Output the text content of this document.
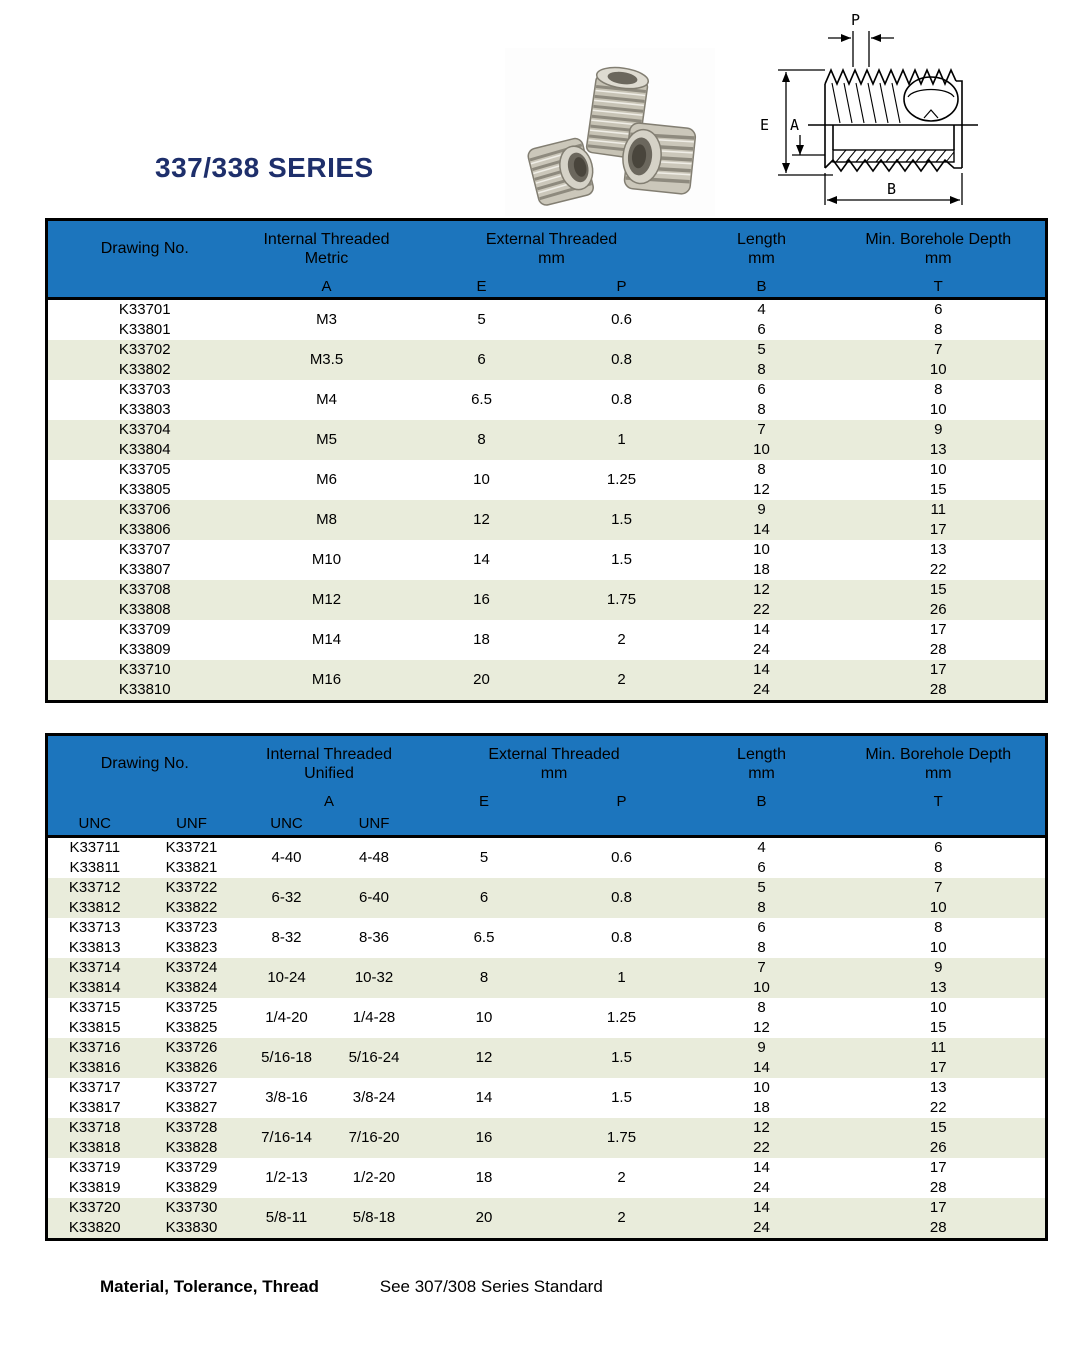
337/338 SERIES
P
E A
B
Drawing No.

Internal Threaded
Metric

External Threaded
mm

Length
mm

Min. Borehole Depth
mm

	A	E	P	B	T
K33701	M3	5	0.6	4	6
K33801				6	8
K33702	M3.5	6	0.8	5	7
K33802				8	10
K33703	M4	6.5	0.8	6	8
K33803				8	10
K33704	M5	8	1	7	9
K33804				10	13
K33705	M6	10	1.25	8	10
K33805				12	15
K33706	M8	12	1.5	9	11
K33806				14	17
K33707	M10	14	1.5	10	13
K33807				18	22
K33708	M12	16	1.75	12	15
K33808				22	26
K33709	M14	18	2	14	17
K33809				24	28
K33710	M16	20	2	14	17
K33810				24	28
Drawing No.

Internal Threaded
Unified

External Threaded
mm

Length
mm

Min. Borehole Depth
mm

		A		E	P	B	T
UNC	UNF	UNC	UNF				
K33711	K33721	4-40	4-48	5	0.6	4	6
K33811	K33821					6	8
K33712	K33722	6-32	6-40	6	0.8	5	7
K33812	K33822					8	10
K33713	K33723	8-32	8-36	6.5	0.8	6	8
K33813	K33823					8	10
K33714	K33724	10-24	10-32	8	1	7	9
K33814	K33824					10	13
K33715	K33725	1/4-20	1/4-28	10	1.25	8	10
K33815	K33825					12	15
K33716	K33726	5/16-18	5/16-24	12	1.5	9	11
K33816	K33826					14	17
K33717	K33727	3/8-16	3/8-24	14	1.5	10	13
K33817	K33827					18	22
K33718	K33728	7/16-14	7/16-20	16	1.75	12	15
K33818	K33828					22	26
K33719	K33729	1/2-13	1/2-20	18	2	14	17
K33819	K33829					24	28
K33720	K33730	5/8-11	5/8-18	20	2	14	17
K33820	K33830					24	28
Material, Tolerance, Thread	See 307/308 Series Standard
